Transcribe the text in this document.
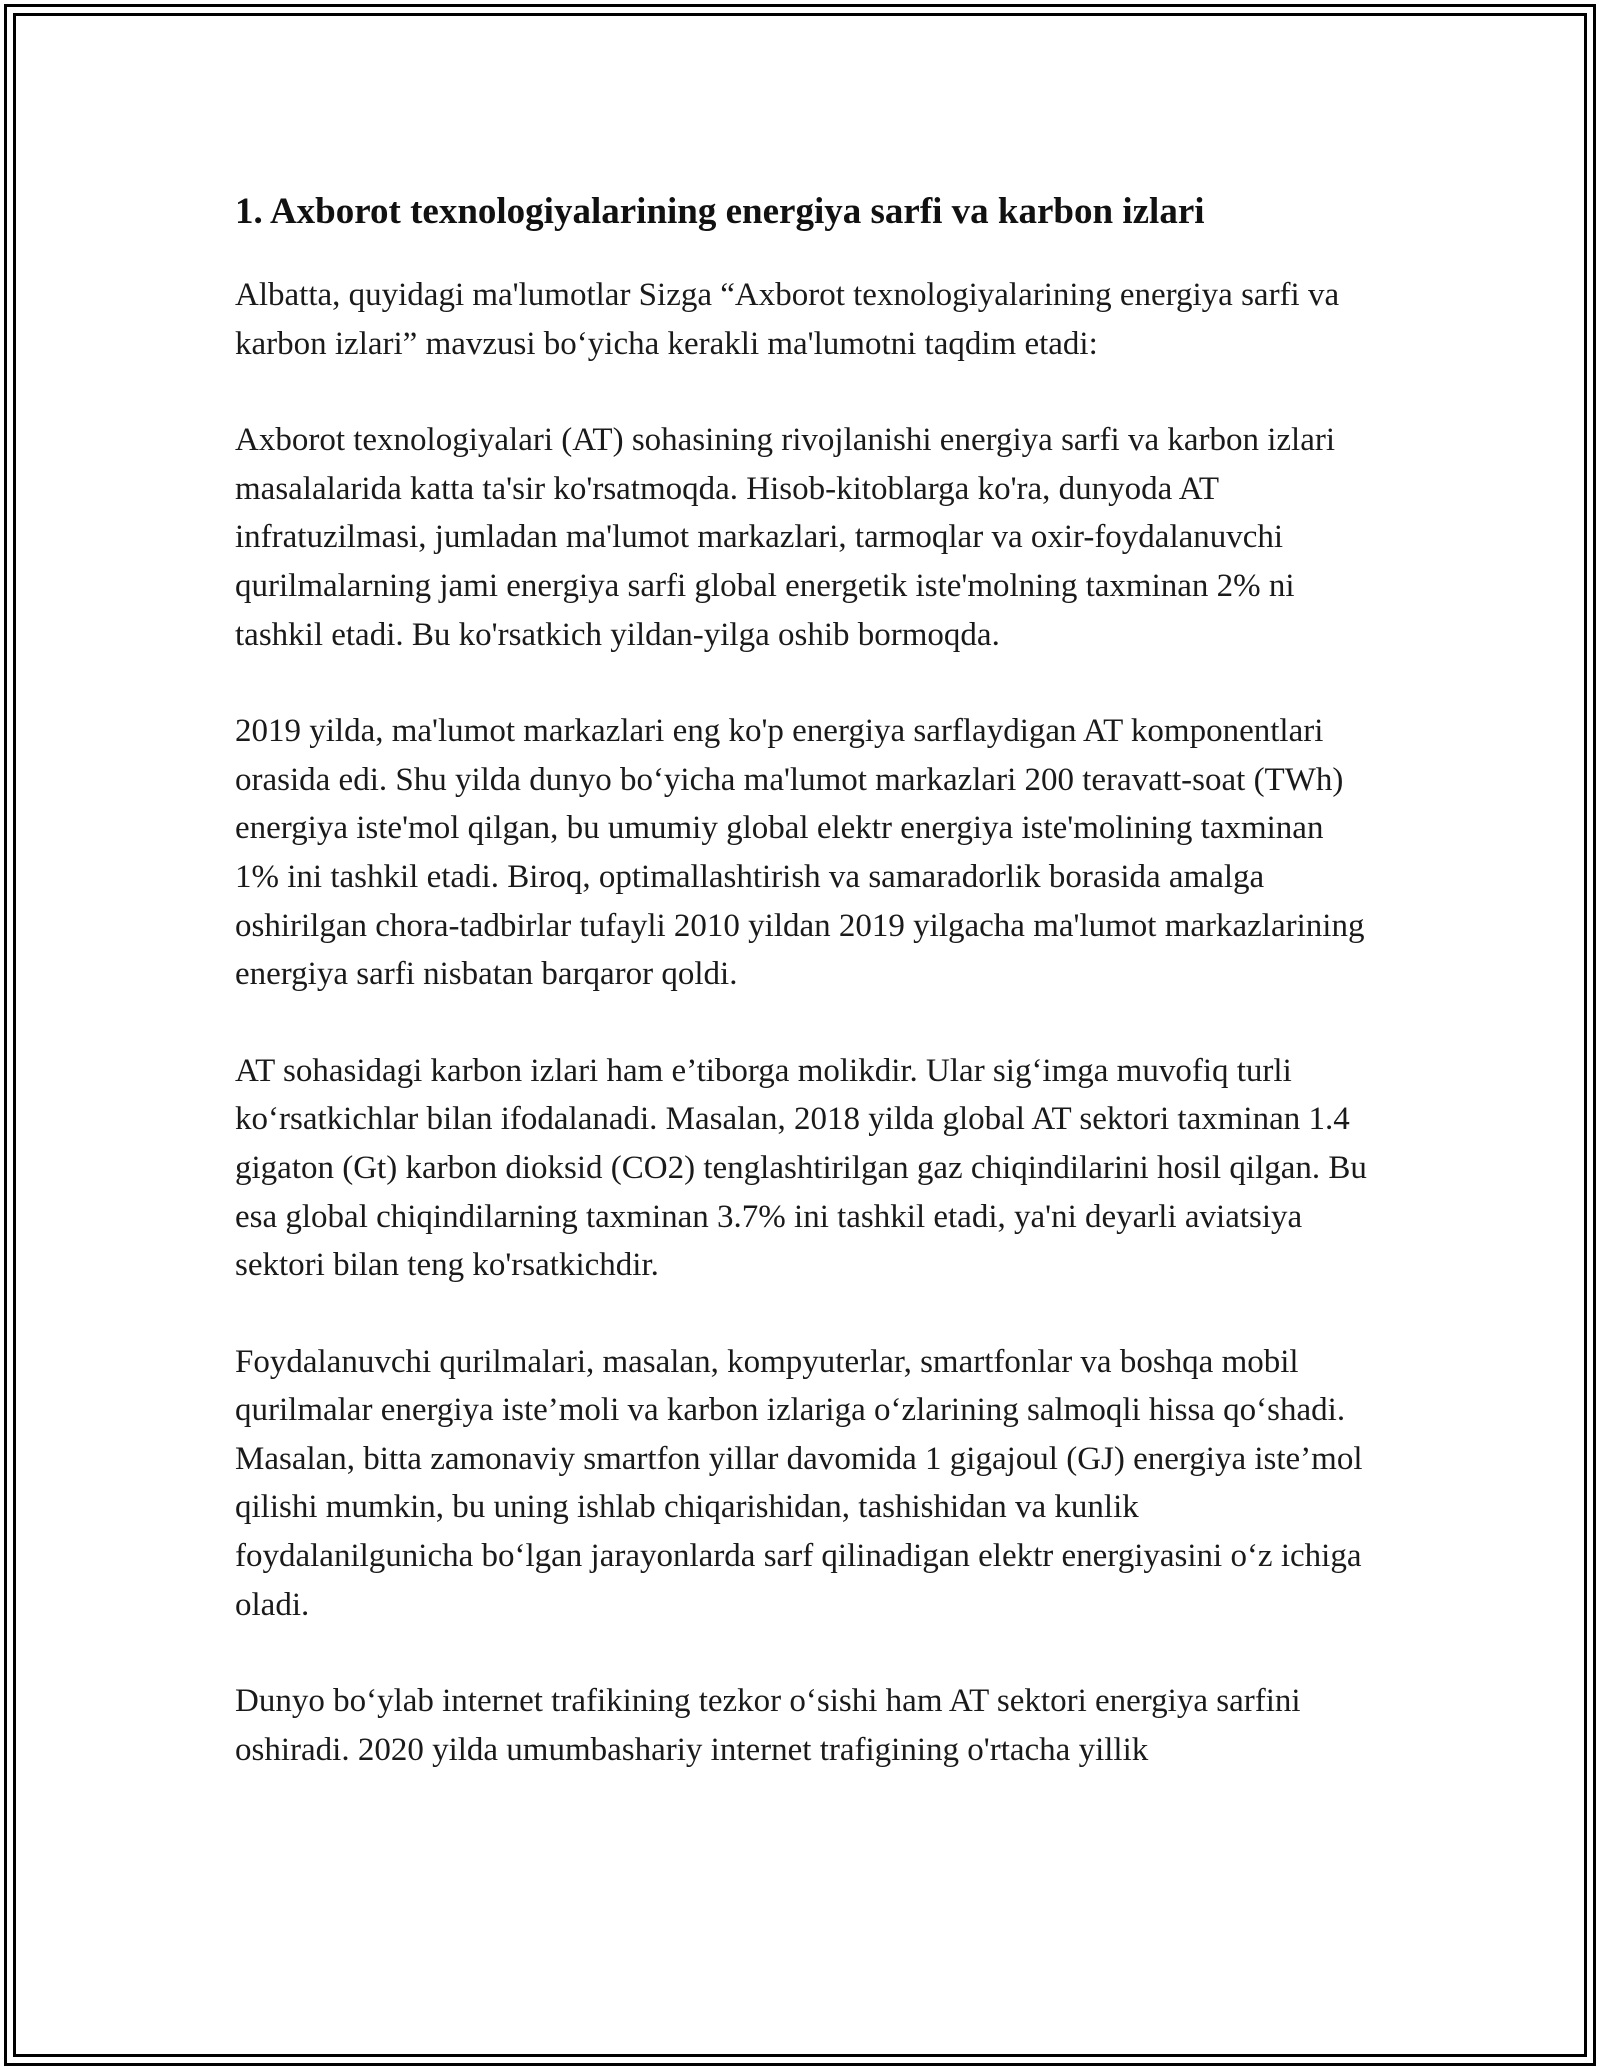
1. Axborot texnologiyalarining energiya sarfi va karbon izlari

Albatta, quyidagi ma'lumotlar Sizga “Axborot texnologiyalarining energiya sarfi va karbon izlari” mavzusi bo‘yicha kerakli ma'lumotni taqdim etadi:

Axborot texnologiyalari (AT) sohasining rivojlanishi energiya sarfi va karbon izlari masalalarida katta ta'sir ko'rsatmoqda. Hisob-kitoblarga ko'ra, dunyoda AT infratuzilmasi, jumladan ma'lumot markazlari, tarmoqlar va oxir-foydalanuvchi qurilmalarning jami energiya sarfi global energetik iste'molning taxminan 2% ni tashkil etadi. Bu ko'rsatkich yildan-yilga oshib bormoqda.

2019 yilda, ma'lumot markazlari eng ko'p energiya sarflaydigan AT komponentlari orasida edi. Shu yilda dunyo bo‘yicha ma'lumot markazlari 200 teravatt-soat (TWh) energiya iste'mol qilgan, bu umumiy global elektr energiya iste'molining taxminan 1% ini tashkil etadi. Biroq, optimallashtirish va samaradorlik borasida amalga oshirilgan chora-tadbirlar tufayli 2010 yildan 2019 yilgacha ma'lumot markazlarining energiya sarfi nisbatan barqaror qoldi.

AT sohasidagi karbon izlari ham e’tiborga molikdir. Ular sig‘imga muvofiq turli ko‘rsatkichlar bilan ifodalanadi. Masalan, 2018 yilda global AT sektori taxminan 1.4 gigaton (Gt) karbon dioksid (CO2) tenglashtirilgan gaz chiqindilarini hosil qilgan. Bu esa global chiqindilarning taxminan 3.7% ini tashkil etadi, ya'ni deyarli aviatsiya sektori bilan teng ko'rsatkichdir.

Foydalanuvchi qurilmalari, masalan, kompyuterlar, smartfonlar va boshqa mobil qurilmalar energiya iste’moli va karbon izlariga o‘zlarining salmoqli hissa qo‘shadi. Masalan, bitta zamonaviy smartfon yillar davomida 1 gigajoul (GJ) energiya iste’mol qilishi mumkin, bu uning ishlab chiqarishidan, tashishidan va kunlik foydalanilgunicha bo‘lgan jarayonlarda sarf qilinadigan elektr energiyasini o‘z ichiga oladi.

Dunyo bo‘ylab internet trafikining tezkor o‘sishi ham AT sektori energiya sarfini oshiradi. 2020 yilda umumbashariy internet trafigining o'rtacha yillik
